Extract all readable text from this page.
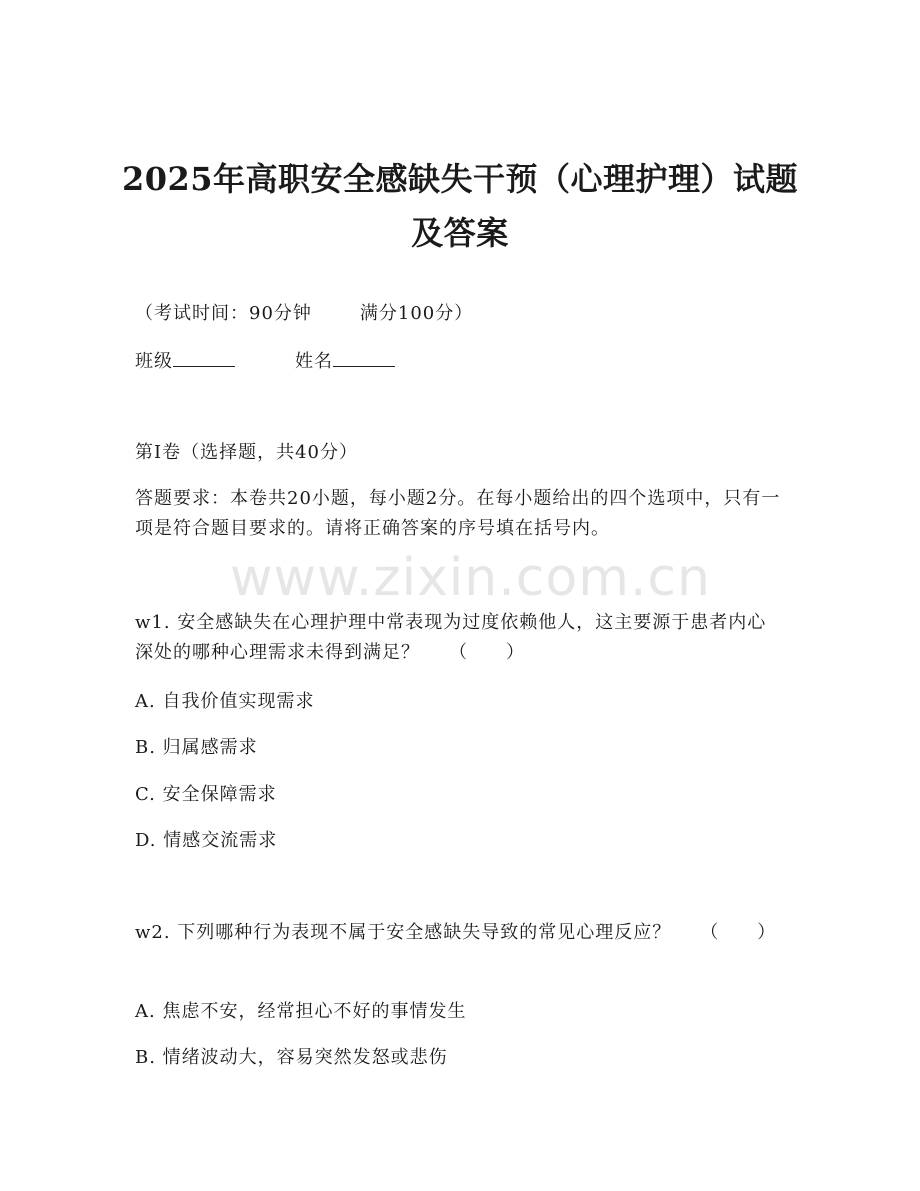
www.zixin.com.cn
2025年高职安全感缺失干预（心理护理）试题及答案
（考试时间：90分钟	满分100分）
班级	姓名
第I卷（选择题，共40分）
答题要求：本卷共20小题，每小题2分。在每小题给出的四个选项中，只有一项是符合题目要求的。请将正确答案的序号填在括号内。
w1. 安全感缺失在心理护理中常表现为过度依赖他人，这主要源于患者内心深处的哪种心理需求未得到满足？　　（　　）
A. 自我价值实现需求
B. 归属感需求
C. 安全保障需求
D. 情感交流需求
w2. 下列哪种行为表现不属于安全感缺失导致的常见心理反应？　　（　　）
A. 焦虑不安，经常担心不好的事情发生
B. 情绪波动大，容易突然发怒或悲伤
